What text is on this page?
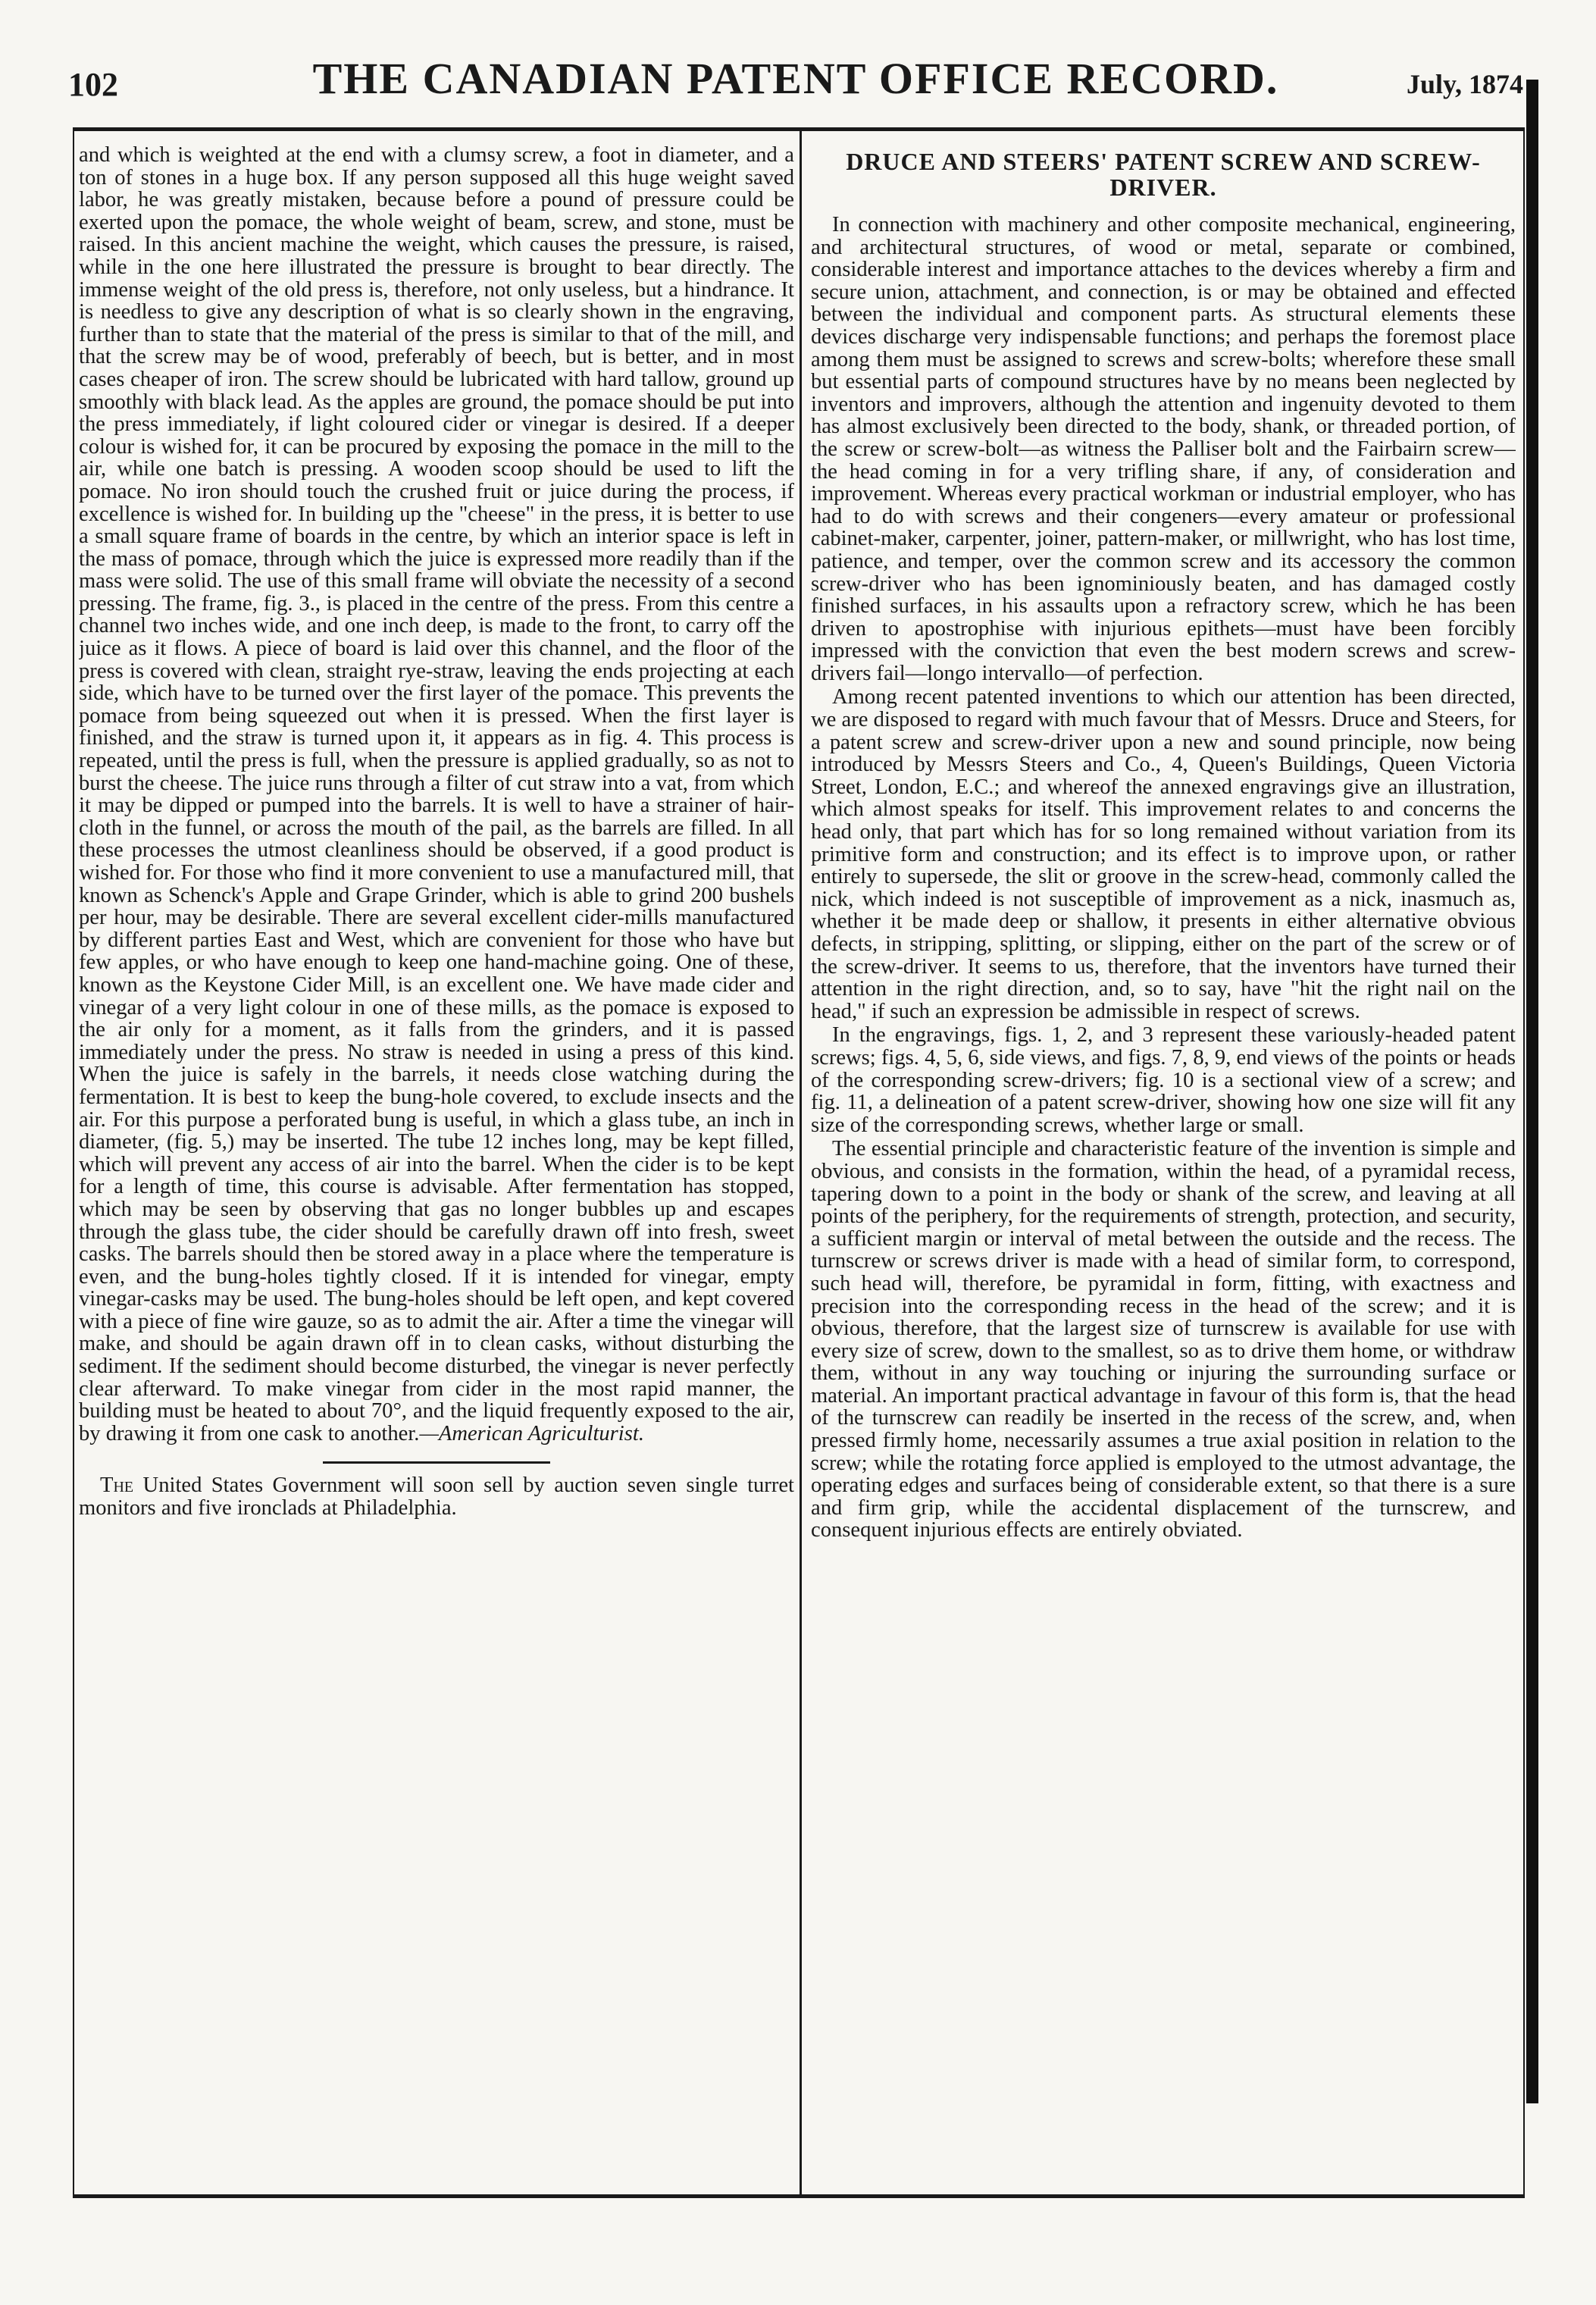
102	THE CANADIAN PATENT OFFICE RECORD.	July, 1874

and which is weighted at the end with a clumsy screw, a foot in diameter, and a ton of stones in a huge box. If any person supposed all this huge weight saved labor, he was greatly mistaken, because before a pound of pressure could be exerted upon the pomace, the whole weight of beam, screw, and stone, must be raised. In this ancient machine the weight, which causes the pressure, is raised, while in the one here illustrated the pressure is brought to bear directly. The immense weight of the old press is, therefore, not only useless, but a hindrance. It is needless to give any description of what is so clearly shown in the engraving, further than to state that the material of the press is similar to that of the mill, and that the screw may be of wood, preferably of beech, but is better, and in most cases cheaper of iron. The screw should be lubricated with hard tallow, ground up smoothly with black lead. As the apples are ground, the pomace should be put into the press immediately, if light coloured cider or vinegar is desired. If a deeper colour is wished for, it can be procured by exposing the pomace in the mill to the air, while one batch is pressing. A wooden scoop should be used to lift the pomace. No iron should touch the crushed fruit or juice during the process, if excellence is wished for. In building up the "cheese" in the press, it is better to use a small square frame of boards in the centre, by which an interior space is left in the mass of pomace, through which the juice is expressed more readily than if the mass were solid. The use of this small frame will obviate the necessity of a second pressing. The frame, fig. 3., is placed in the centre of the press. From this centre a channel two inches wide, and one inch deep, is made to the front, to carry off the juice as it flows. A piece of board is laid over this channel, and the floor of the press is covered with clean, straight rye-straw, leaving the ends projecting at each side, which have to be turned over the first layer of the pomace. This prevents the pomace from being squeezed out when it is pressed. When the first layer is finished, and the straw is turned upon it, it appears as in fig. 4. This process is repeated, until the press is full, when the pressure is applied gradually, so as not to burst the cheese. The juice runs through a filter of cut straw into a vat, from which it may be dipped or pumped into the barrels. It is well to have a strainer of hair-cloth in the funnel, or across the mouth of the pail, as the barrels are filled. In all these processes the utmost cleanliness should be observed, if a good product is wished for. For those who find it more convenient to use a manufactured mill, that known as Schenck's Apple and Grape Grinder, which is able to grind 200 bushels per hour, may be desirable. There are several excellent cider-mills manufactured by different parties East and West, which are convenient for those who have but few apples, or who have enough to keep one hand-machine going. One of these, known as the Keystone Cider Mill, is an excellent one. We have made cider and vinegar of a very light colour in one of these mills, as the pomace is exposed to the air only for a moment, as it falls from the grinders, and it is passed immediately under the press. No straw is needed in using a press of this kind. When the juice is safely in the barrels, it needs close watching during the fermentation. It is best to keep the bung-hole covered, to exclude insects and the air. For this purpose a perforated bung is useful, in which a glass tube, an inch in diameter, (fig. 5,) may be inserted. The tube 12 inches long, may be kept filled, which will prevent any access of air into the barrel. When the cider is to be kept for a length of time, this course is advisable. After fermentation has stopped, which may be seen by observing that gas no longer bubbles up and escapes through the glass tube, the cider should be carefully drawn off into fresh, sweet casks. The barrels should then be stored away in a place where the temperature is even, and the bung-holes tightly closed. If it is intended for vinegar, empty vinegar-casks may be used. The bung-holes should be left open, and kept covered with a piece of fine wire gauze, so as to admit the air. After a time the vinegar will make, and should be again drawn off in to clean casks, without disturbing the sediment. If the sediment should become disturbed, the vinegar is never perfectly clear afterward. To make vinegar from cider in the most rapid manner, the building must be heated to about 70°, and the liquid frequently exposed to the air, by drawing it from one cask to another.—American Agriculturist.

The United States Government will soon sell by auction seven single turret monitors and five ironclads at Philadelphia.

DRUCE AND STEERS' PATENT SCREW AND SCREW-DRIVER.

In connection with machinery and other composite mechanical, engineering, and architectural structures, of wood or metal, separate or combined, considerable interest and importance attaches to the devices whereby a firm and secure union, attachment, and connection, is or may be obtained and effected between the individual and component parts. As structural elements these devices discharge very indispensable functions; and perhaps the foremost place among them must be assigned to screws and screw-bolts; wherefore these small but essential parts of compound structures have by no means been neglected by inventors and improvers, although the attention and ingenuity devoted to them has almost exclusively been directed to the body, shank, or threaded portion, of the screw or screw-bolt—as witness the Palliser bolt and the Fairbairn screw—the head coming in for a very trifling share, if any, of consideration and improvement. Whereas every practical workman or industrial employer, who has had to do with screws and their congeners—every amateur or professional cabinet-maker, carpenter, joiner, pattern-maker, or millwright, who has lost time, patience, and temper, over the common screw and its accessory the common screw-driver who has been ignominiously beaten, and has damaged costly finished surfaces, in his assaults upon a refractory screw, which he has been driven to apostrophise with injurious epithets—must have been forcibly impressed with the conviction that even the best modern screws and screw-drivers fail—longo intervallo—of perfection.

Among recent patented inventions to which our attention has been directed, we are disposed to regard with much favour that of Messrs. Druce and Steers, for a patent screw and screw-driver upon a new and sound principle, now being introduced by Messrs Steers and Co., 4, Queen's Buildings, Queen Victoria Street, London, E.C.; and whereof the annexed engravings give an illustration, which almost speaks for itself. This improvement relates to and concerns the head only, that part which has for so long remained without variation from its primitive form and construction; and its effect is to improve upon, or rather entirely to supersede, the slit or groove in the screw-head, commonly called the nick, which indeed is not susceptible of improvement as a nick, inasmuch as, whether it be made deep or shallow, it presents in either alternative obvious defects, in stripping, splitting, or slipping, either on the part of the screw or of the screw-driver. It seems to us, therefore, that the inventors have turned their attention in the right direction, and, so to say, have "hit the right nail on the head," if such an expression be admissible in respect of screws.

In the engravings, figs. 1, 2, and 3 represent these variously-headed patent screws; figs. 4, 5, 6, side views, and figs. 7, 8, 9, end views of the points or heads of the corresponding screw-drivers; fig. 10 is a sectional view of a screw; and fig. 11, a delineation of a patent screw-driver, showing how one size will fit any size of the corresponding screws, whether large or small.

The essential principle and characteristic feature of the invention is simple and obvious, and consists in the formation, within the head, of a pyramidal recess, tapering down to a point in the body or shank of the screw, and leaving at all points of the periphery, for the requirements of strength, protection, and security, a sufficient margin or interval of metal between the outside and the recess. The turnscrew or screws driver is made with a head of similar form, to correspond, such head will, therefore, be pyramidal in form, fitting, with exactness and precision into the corresponding recess in the head of the screw; and it is obvious, therefore, that the largest size of turnscrew is available for use with every size of screw, down to the smallest, so as to drive them home, or withdraw them, without in any way touching or injuring the surrounding surface or material. An important practical advantage in favour of this form is, that the head of the turnscrew can readily be inserted in the recess of the screw, and, when pressed firmly home, necessarily assumes a true axial position in relation to the screw; while the rotating force applied is employed to the utmost advantage, the operating edges and surfaces being of considerable extent, so that there is a sure and firm grip, while the accidental displacement of the turnscrew, and consequent injurious effects are entirely obviated.
